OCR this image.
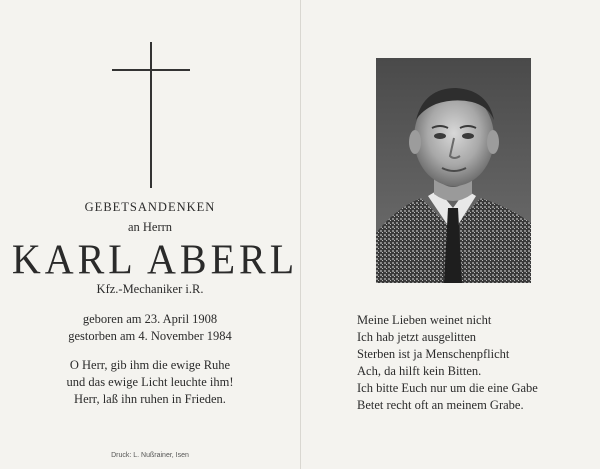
GEBETSANDENKEN
an Herrn
KARL ABERL
Kfz.-Mechaniker i.R.
geboren am 23. April 1908
gestorben am 4. November 1984
O Herr, gib ihm die ewige Ruhe
und das ewige Licht leuchte ihm!
Herr, laß ihn ruhen in Frieden.
Druck: L. Nußrainer, Isen
Meine Lieben weinet nicht
Ich hab jetzt ausgelitten
Sterben ist ja Menschenpflicht
Ach, da hilft kein Bitten.
Ich bitte Euch nur um die eine Gabe
Betet recht oft an meinem Grabe.
